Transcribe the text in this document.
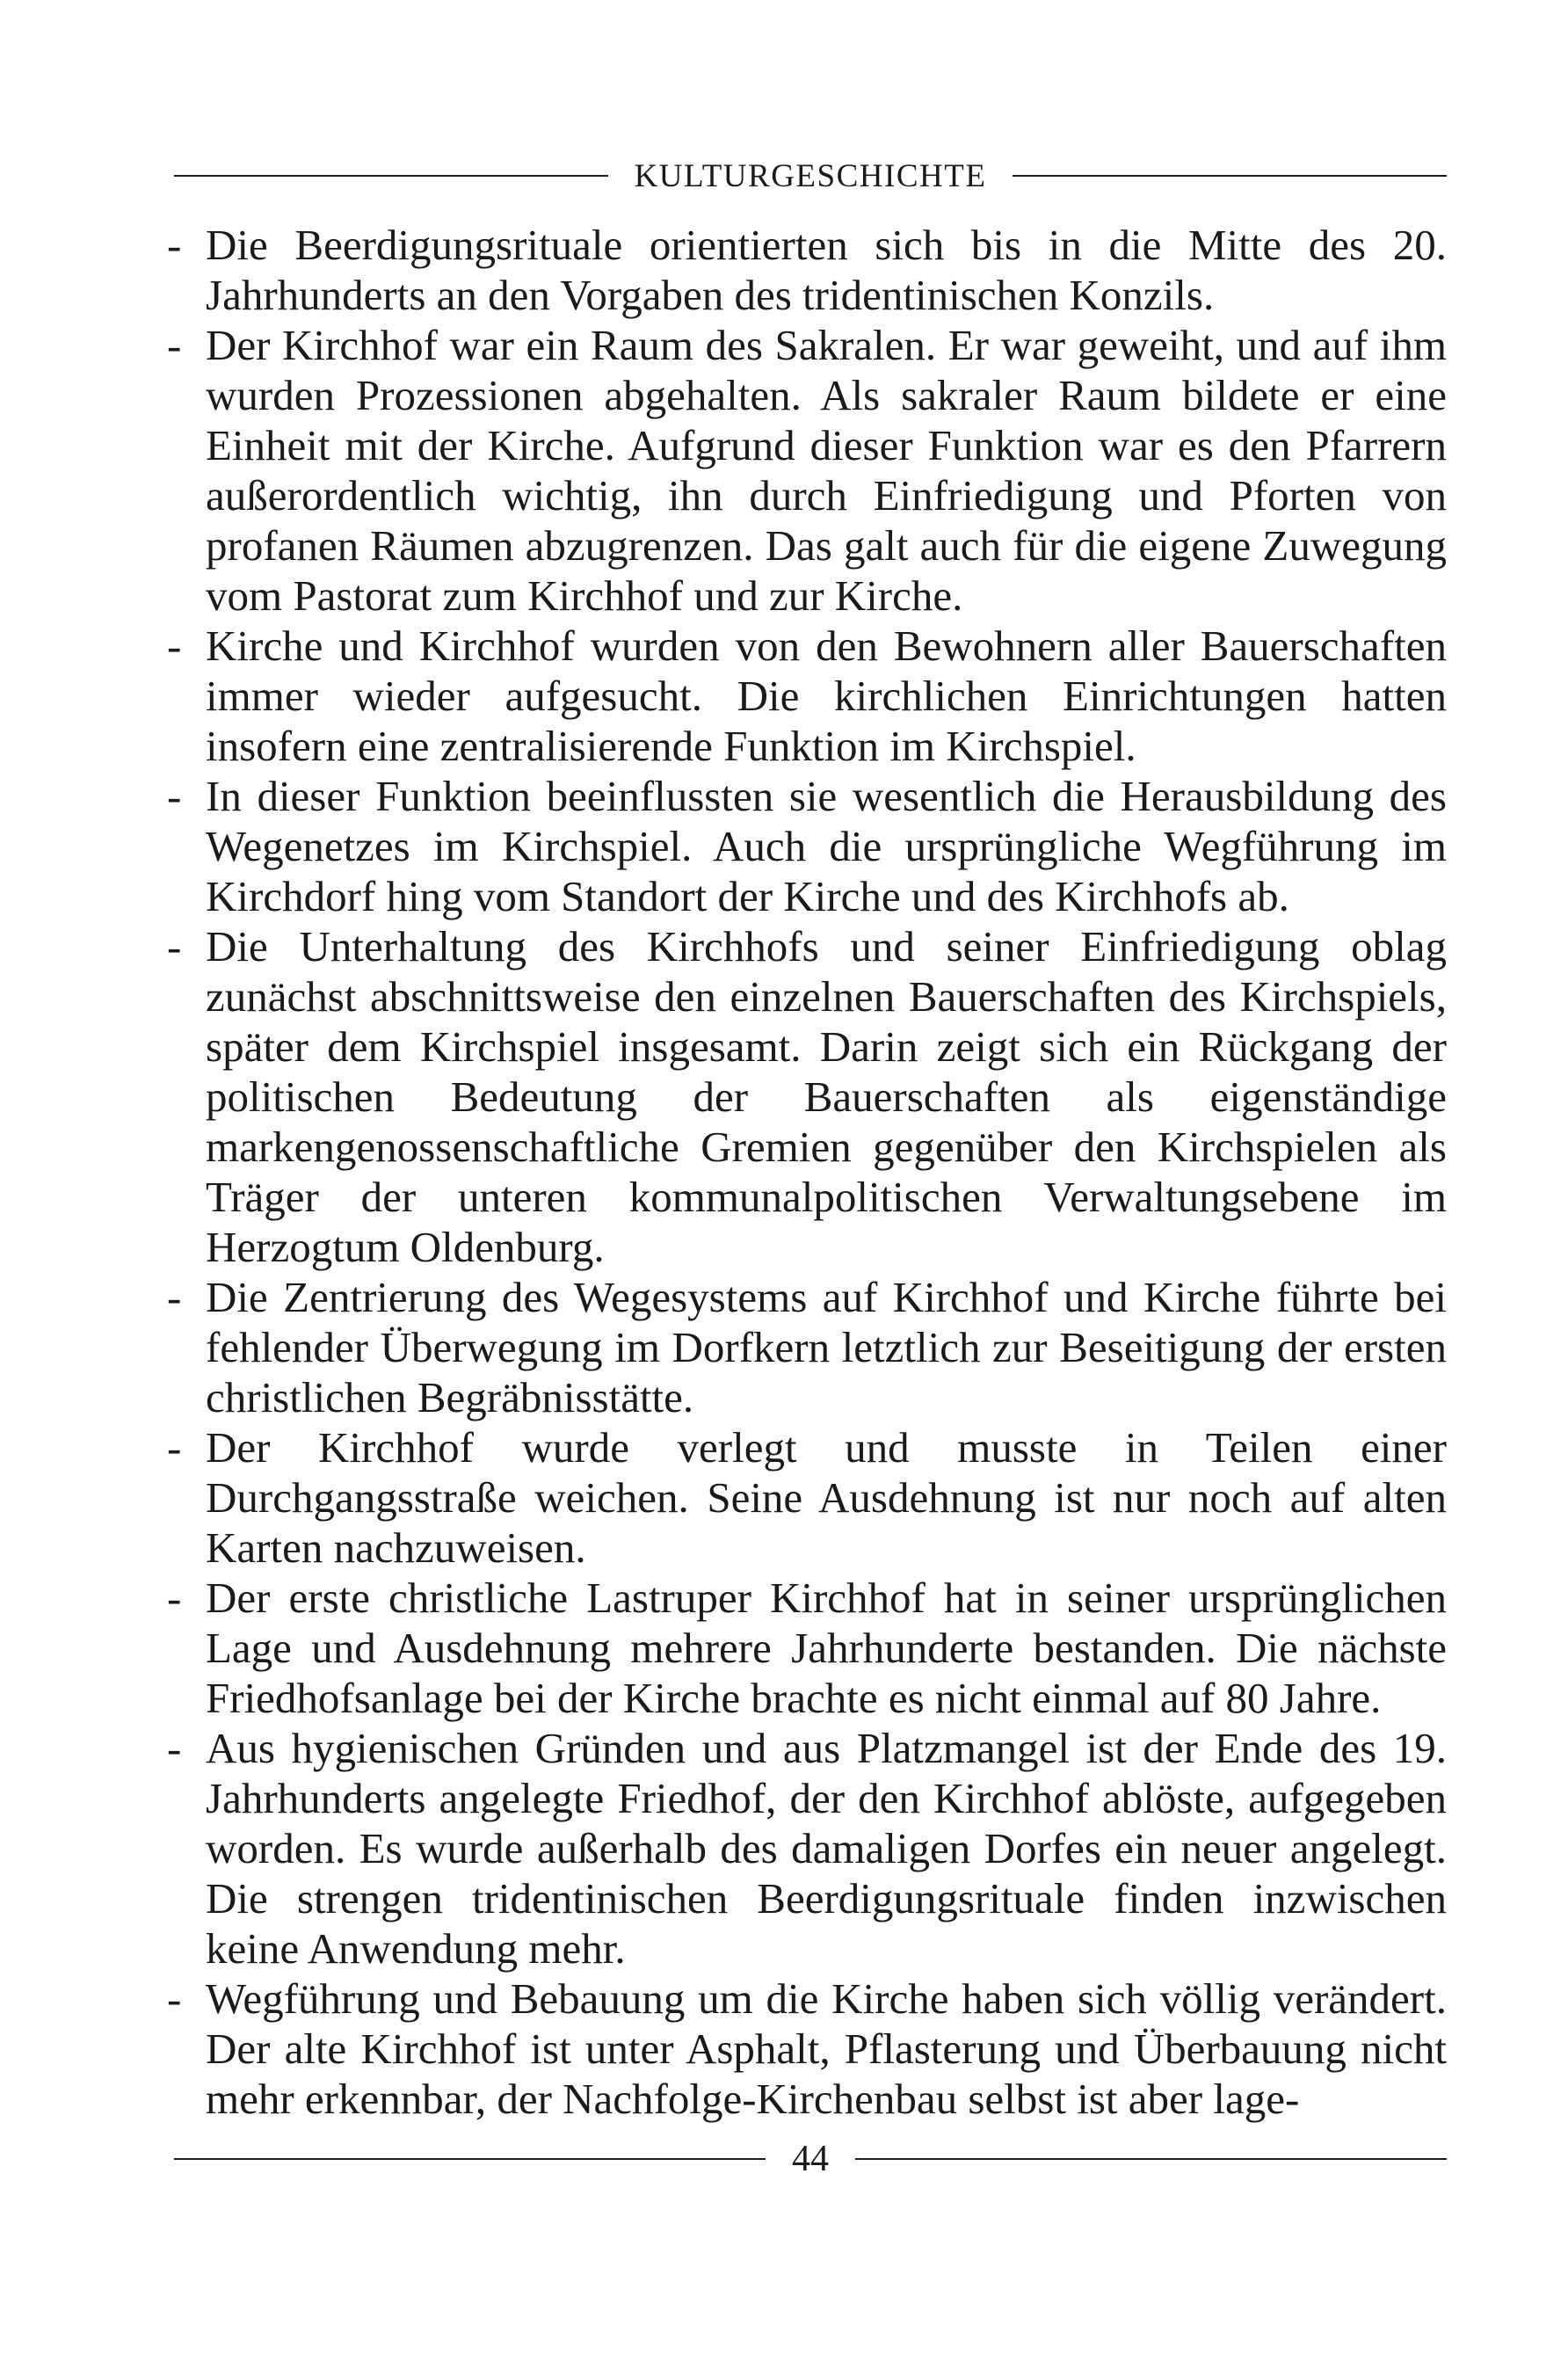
KULTURGESCHICHTE
- Die Beerdigungsrituale orientierten sich bis in die Mitte des 20. Jahrhunderts an den Vorgaben des tridentinischen Konzils.
- Der Kirchhof war ein Raum des Sakralen. Er war geweiht, und auf ihm wurden Prozessionen abgehalten. Als sakraler Raum bildete er eine Einheit mit der Kirche. Aufgrund dieser Funktion war es den Pfarrern außerordentlich wichtig, ihn durch Einfriedigung und Pforten von profanen Räumen abzugrenzen. Das galt auch für die eigene Zuwegung vom Pastorat zum Kirchhof und zur Kirche.
- Kirche und Kirchhof wurden von den Bewohnern aller Bauerschaften immer wieder aufgesucht. Die kirchlichen Einrichtungen hatten insofern eine zentralisierende Funktion im Kirchspiel.
- In dieser Funktion beeinflussten sie wesentlich die Herausbildung des Wegenetzes im Kirchspiel. Auch die ursprüngliche Wegführung im Kirchdorf hing vom Standort der Kirche und des Kirchhofs ab.
- Die Unterhaltung des Kirchhofs und seiner Einfriedigung oblag zunächst abschnittsweise den einzelnen Bauerschaften des Kirchspiels, später dem Kirchspiel insgesamt. Darin zeigt sich ein Rückgang der politischen Bedeutung der Bauerschaften als eigenständige markengenossenschaftliche Gremien gegenüber den Kirchspielen als Träger der unteren kommunalpolitischen Verwaltungsebene im Herzogtum Oldenburg.
- Die Zentrierung des Wegesystems auf Kirchhof und Kirche führte bei fehlender Überwegung im Dorfkern letztlich zur Beseitigung der ersten christlichen Begräbnisstätte.
- Der Kirchhof wurde verlegt und musste in Teilen einer Durchgangsstraße weichen. Seine Ausdehnung ist nur noch auf alten Karten nachzuweisen.
- Der erste christliche Lastruper Kirchhof hat in seiner ursprünglichen Lage und Ausdehnung mehrere Jahrhunderte bestanden. Die nächste Friedhofsanlage bei der Kirche brachte es nicht einmal auf 80 Jahre.
- Aus hygienischen Gründen und aus Platzmangel ist der Ende des 19. Jahrhunderts angelegte Friedhof, der den Kirchhof ablöste, aufgegeben worden. Es wurde außerhalb des damaligen Dorfes ein neuer angelegt. Die strengen tridentinischen Beerdigungsrituale finden inzwischen keine Anwendung mehr.
- Wegführung und Bebauung um die Kirche haben sich völlig verändert. Der alte Kirchhof ist unter Asphalt, Pflasterung und Überbauung nicht mehr erkennbar, der Nachfolge-Kirchenbau selbst ist aber lage-
44
